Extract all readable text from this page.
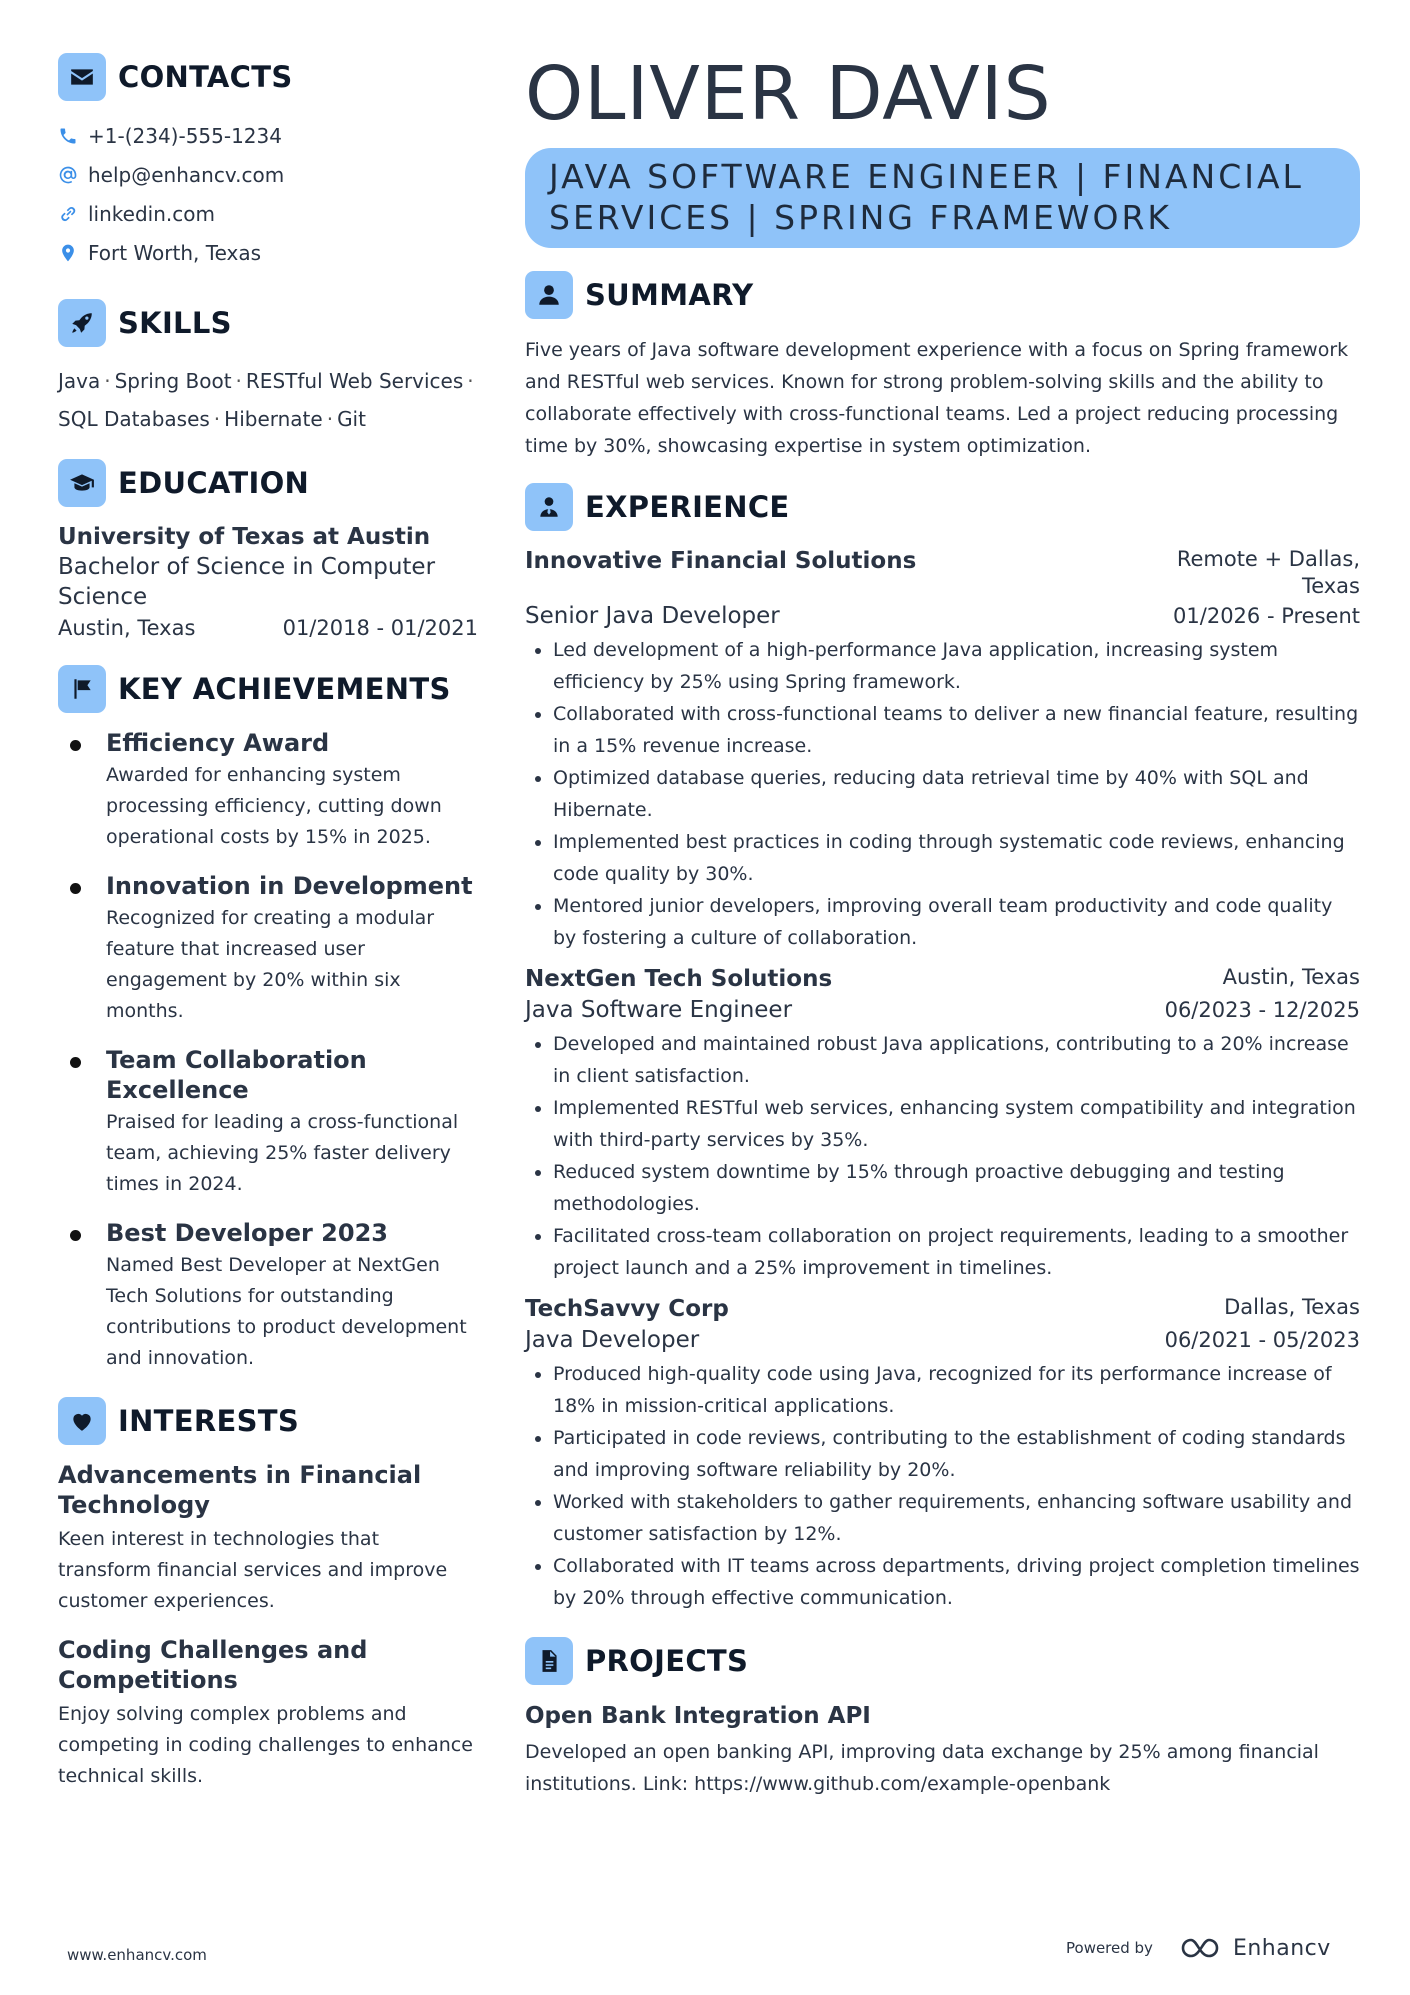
CONTACTS
+1-(234)-555-1234
help@enhancv.com
linkedin.com
Fort Worth, Texas
SKILLS
Java · Spring Boot · RESTful Web Services ·
SQL Databases · Hibernate · Git
EDUCATION
University of Texas at Austin
Bachelor of Science in Computer Science
Austin, Texas	01/2018 - 01/2021
KEY ACHIEVEMENTS
Efficiency Award
Awarded for enhancing system processing efficiency, cutting down operational costs by 15% in 2025.
Innovation in Development
Recognized for creating a modular feature that increased user engagement by 20% within six months.
Team Collaboration Excellence
Praised for leading a cross-functional team, achieving 25% faster delivery times in 2024.
Best Developer 2023
Named Best Developer at NextGen Tech Solutions for outstanding contributions to product development and innovation.
INTERESTS
Advancements in Financial Technology
Keen interest in technologies that transform financial services and improve customer experiences.
Coding Challenges and Competitions
Enjoy solving complex problems and competing in coding challenges to enhance technical skills.
OLIVER DAVIS
JAVA SOFTWARE ENGINEER | FINANCIAL SERVICES | SPRING FRAMEWORK
SUMMARY
Five years of Java software development experience with a focus on Spring framework and RESTful web services. Known for strong problem-solving skills and the ability to collaborate effectively with cross-functional teams. Led a project reducing processing time by 30%, showcasing expertise in system optimization.
EXPERIENCE
Innovative Financial Solutions	Remote + Dallas, Texas
Senior Java Developer	01/2026 - Present
Led development of a high-performance Java application, increasing system efficiency by 25% using Spring framework.
Collaborated with cross-functional teams to deliver a new financial feature, resulting in a 15% revenue increase.
Optimized database queries, reducing data retrieval time by 40% with SQL and Hibernate.
Implemented best practices in coding through systematic code reviews, enhancing code quality by 30%.
Mentored junior developers, improving overall team productivity and code quality by fostering a culture of collaboration.
NextGen Tech Solutions	Austin, Texas
Java Software Engineer	06/2023 - 12/2025
Developed and maintained robust Java applications, contributing to a 20% increase in client satisfaction.
Implemented RESTful web services, enhancing system compatibility and integration with third-party services by 35%.
Reduced system downtime by 15% through proactive debugging and testing methodologies.
Facilitated cross-team collaboration on project requirements, leading to a smoother project launch and a 25% improvement in timelines.
TechSavvy Corp	Dallas, Texas
Java Developer	06/2021 - 05/2023
Produced high-quality code using Java, recognized for its performance increase of 18% in mission-critical applications.
Participated in code reviews, contributing to the establishment of coding standards and improving software reliability by 20%.
Worked with stakeholders to gather requirements, enhancing software usability and customer satisfaction by 12%.
Collaborated with IT teams across departments, driving project completion timelines by 20% through effective communication.
PROJECTS
Open Bank Integration API
Developed an open banking API, improving data exchange by 25% among financial institutions. Link: https://www.github.com/example-openbank
www.enhancv.com	Powered by	Enhancv
